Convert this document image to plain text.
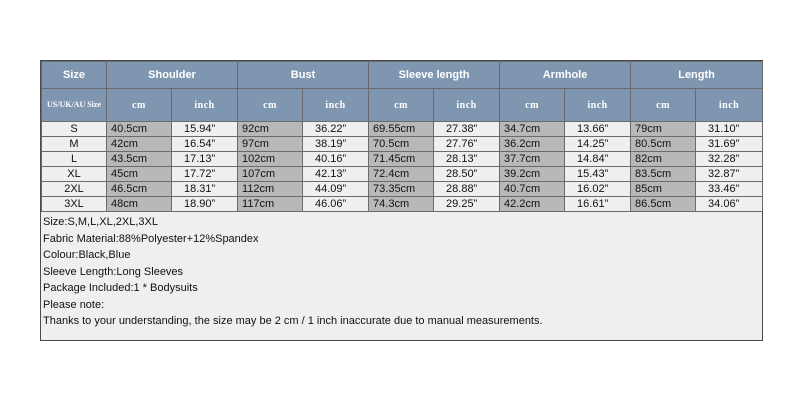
Size	Shoulder		Bust		Sleeve length		Armhole		Length	
US/UK/AU Size	cm	inch	cm	inch	cm	inch	cm	inch	cm	inch
S	40.5cm	15.94”	92cm	36.22”	69.55cm	27.38”	34.7cm	13.66”	79cm	31.10”
M	42cm	16.54”	97cm	38.19”	70.5cm	27.76”	36.2cm	14.25”	80.5cm	31.69”
L	43.5cm	17.13”	102cm	40.16”	71.45cm	28.13”	37.7cm	14.84”	82cm	32.28”
XL	45cm	17.72”	107cm	42.13”	72.4cm	28.50”	39.2cm	15.43”	83.5cm	32.87”
2XL	46.5cm	18.31”	112cm	44.09”	73.35cm	28.88”	40.7cm	16.02”	85cm	33.46”
3XL	48cm	18.90”	117cm	46.06”	74.3cm	29.25”	42.2cm	16.61”	86.5cm	34.06”
Size:S,M,L,XL,2XL,3XL
Fabric Material:88%Polyester+12%Spandex
Colour:Black,Blue
Sleeve Length:Long Sleeves
Package Included:1 * Bodysuits
Please note:
Thanks to your understanding, the size may be 2 cm / 1 inch inaccurate due to manual measurements.
